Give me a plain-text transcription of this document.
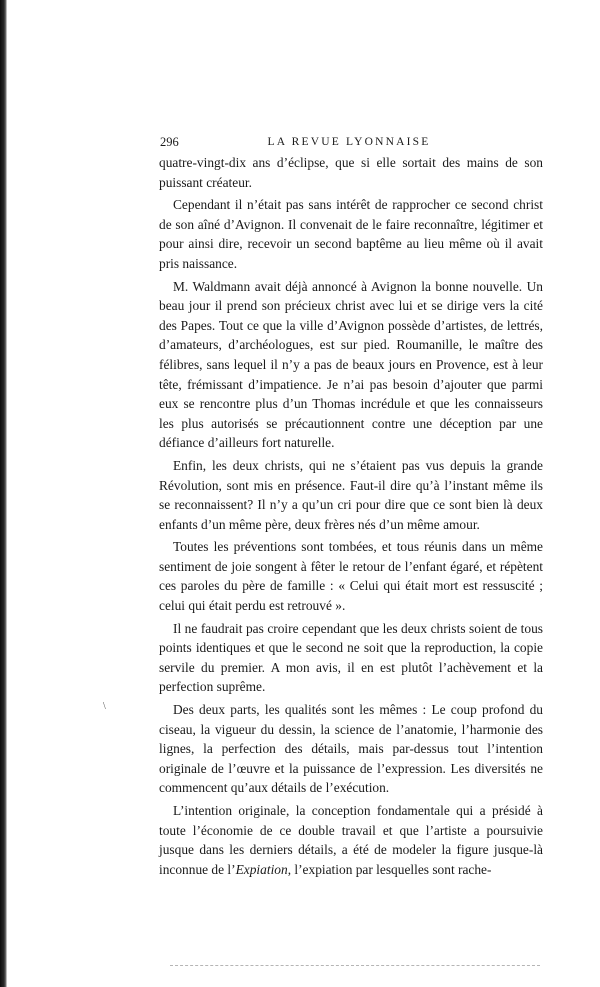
296	LA REVUE LYONNAISE
\

quatre-vingt-dix ans d’éclipse, que si elle sortait des mains de son puissant créateur.

Cependant il n’était pas sans intérêt de rapprocher ce second christ de son aîné d’Avignon. Il convenait de le faire reconnaître, légitimer et pour ainsi dire, recevoir un second baptême au lieu même où il avait pris naissance.

M. Waldmann avait déjà annoncé à Avignon la bonne nouvelle. Un beau jour il prend son précieux christ avec lui et se dirige vers la cité des Papes. Tout ce que la ville d’Avignon possède d’artistes, de lettrés, d’amateurs, d’archéologues, est sur pied. Roumanille, le maître des félibres, sans lequel il n’y a pas de beaux jours en Provence, est à leur tête, frémissant d’impatience. Je n’ai pas besoin d’ajouter que parmi eux se rencontre plus d’un Thomas incrédule et que les connaisseurs les plus autorisés se précautionnent contre une déception par une défiance d’ailleurs fort naturelle.

Enfin, les deux christs, qui ne s’étaient pas vus depuis la grande Révolution, sont mis en présence. Faut-il dire qu’à l’instant même ils se reconnaissent? Il n’y a qu’un cri pour dire que ce sont bien là deux enfants d’un même père, deux frères nés d’un même amour.

Toutes les préventions sont tombées, et tous réunis dans un même sentiment de joie songent à fêter le retour de l’enfant égaré, et répètent ces paroles du père de famille : « Celui qui était mort est ressuscité ; celui qui était perdu est retrouvé ».

Il ne faudrait pas croire cependant que les deux christs soient de tous points identiques et que le second ne soit que la reproduction, la copie servile du premier. A mon avis, il en est plutôt l’achèvement et la perfection suprême.

Des deux parts, les qualités sont les mêmes : Le coup profond du ciseau, la vigueur du dessin, la science de l’anatomie, l’harmonie des lignes, la perfection des détails, mais par-dessus tout l’intention originale de l’œuvre et la puissance de l’expression. Les diversités ne commencent qu’aux détails de l’exécution.

L’intention originale, la conception fondamentale qui a présidé à toute l’économie de ce double travail et que l’artiste a poursuivie jusque dans les derniers détails, a été de modeler la figure jusque-là inconnue de l’Expiation, l’expiation par lesquelles sont rache-
